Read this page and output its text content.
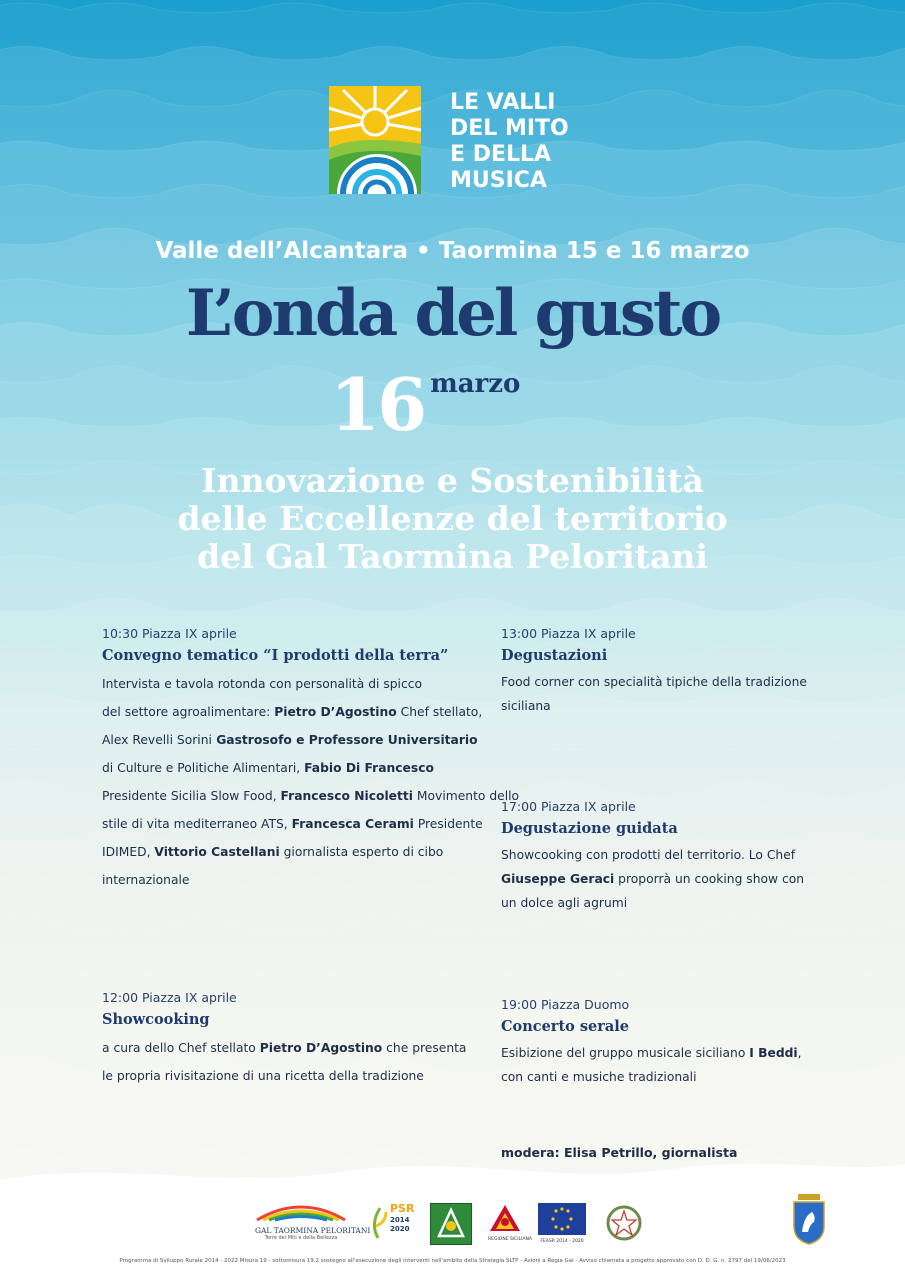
LE VALLI
DEL MITO
E DELLA
MUSICA
Valle dell’Alcantara • Taormina 15 e 16 marzo
L’onda del gusto
16 marzo
Innovazione e Sostenibilità
delle Eccellenze del territorio
del Gal Taormina Peloritani
10:30 Piazza IX aprile
Convegno tematico “I prodotti della terra”
Intervista e tavola rotonda con personalità di spicco
del settore agroalimentare: Pietro D’Agostino Chef stellato,
Alex Revelli Sorini Gastrosofo e Professore Universitario
di Culture e Politiche Alimentari, Fabio Di Francesco
Presidente Sicilia Slow Food, Francesco Nicoletti Movimento dello
stile di vita mediterraneo ATS, Francesca Cerami Presidente
IDIMED, Vittorio Castellani giornalista esperto di cibo
internazionale
12:00 Piazza IX aprile
Showcooking
a cura dello Chef stellato Pietro D’Agostino che presenta
le propria rivisitazione di una ricetta della tradizione
13:00 Piazza IX aprile
Degustazioni
Food corner con specialità tipiche della tradizione
siciliana
17:00 Piazza IX aprile
Degustazione guidata
Showcooking con prodotti del territorio. Lo Chef
Giuseppe Geraci proporrà un cooking show con
un dolce agli agrumi
19:00 Piazza Duomo
Concerto serale
Esibizione del gruppo musicale siciliano I Beddi,
con canti e musiche tradizionali
modera: Elisa Petrillo, giornalista
GAL TAORMINA PELORITANI
Terre dei Miti e della Bellezza
PSR
2014 2020
REGIONE SICILIANA	FEASR 2014 - 2020
Programma di Sviluppo Rurale 2014 - 2022 Misura 19 - sottomisura 19.2 sostegno all'esecuzione degli interventi nell'ambito della Strategia SLTP - Azioni a Regia Gal - Avviso chiamata a progetto approvato con D. D. G. n. 2797 del 19/06/2023
